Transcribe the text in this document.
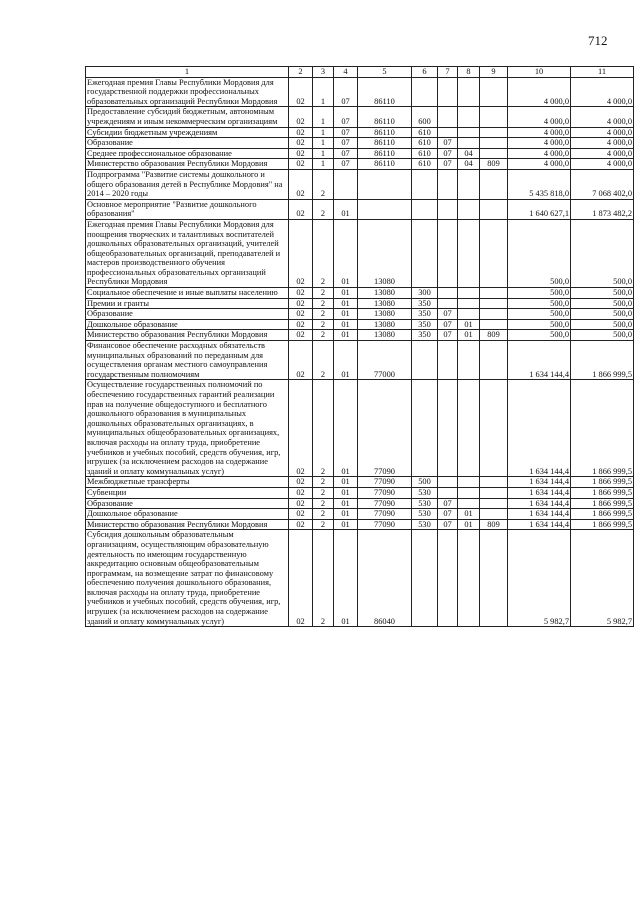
712
1	2	3	4	5	6	7	8	9	10	11
Ежегодная премия Главы Республики Мордовия для государственной поддержки профессиональных образовательных организаций Республики Мордовия	02	1	07	86110					4 000,0	4 000,0
Предоставление субсидий бюджетным, автономным учреждениям и иным некоммерческим организациям	02	1	07	86110	600				4 000,0	4 000,0
Субсидии бюджетным учреждениям	02	1	07	86110	610				4 000,0	4 000,0
Образование	02	1	07	86110	610	07			4 000,0	4 000,0
Среднее профессиональное образование	02	1	07	86110	610	07	04		4 000,0	4 000,0
Министерство образования Республики Мордовия	02	1	07	86110	610	07	04	809	4 000,0	4 000,0
Подпрограмма "Развитие системы дошкольного и общего образования детей в Республике Мордовия" на 2014 – 2020 годы	02	2							5 435 818,0	7 068 402,0
Основное мероприятие "Развитие дошкольного образования"	02	2	01						1 640 627,1	1 873 482,2
Ежегодная премия Главы Республики Мордовия для поощрения творческих и талантливых воспитателей дошкольных образовательных организаций, учителей общеобразовательных организаций, преподавателей и мастеров производственного обучения профессиональных образовательных организаций Республики Мордовия	02	2	01	13080					500,0	500,0
Социальное обеспечение и иные выплаты населению	02	2	01	13080	300				500,0	500,0
Премии и гранты	02	2	01	13080	350				500,0	500,0
Образование	02	2	01	13080	350	07			500,0	500,0
Дошкольное образование	02	2	01	13080	350	07	01		500,0	500,0
Министерство образования Республики Мордовия	02	2	01	13080	350	07	01	809	500,0	500,0
Финансовое обеспечение расходных обязательств муниципальных образований по переданным для осуществления органам местного самоуправления государственным полномочиям	02	2	01	77000					1 634 144,4	1 866 999,5
Осуществление государственных полномочий по обеспечению государственных гарантий реализации прав на получение общедоступного и бесплатного дошкольного образования в муниципальных дошкольных образовательных организациях, в муниципальных общеобразовательных организациях, включая расходы на оплату труда, приобретение учебников и учебных пособий, средств обучения, игр, игрушек (за исключением расходов на содержание зданий и оплату коммунальных услуг)	02	2	01	77090					1 634 144,4	1 866 999,5
Межбюджетные трансферты	02	2	01	77090	500				1 634 144,4	1 866 999,5
Субвенции	02	2	01	77090	530				1 634 144,4	1 866 999,5
Образование	02	2	01	77090	530	07			1 634 144,4	1 866 999,5
Дошкольное образование	02	2	01	77090	530	07	01		1 634 144,4	1 866 999,5
Министерство образования Республики Мордовия	02	2	01	77090	530	07	01	809	1 634 144,4	1 866 999,5
Субсидия дошкольным образовательным организациям, осуществляющим образовательную деятельность по имеющим государственную аккредитацию основным общеобразовательным программам, на возмещение затрат по финансовому обеспечению получения дошкольного образования, включая расходы на оплату труда, приобретение учебников и учебных пособий, средств обучения, игр, игрушек (за исключением расходов на содержание зданий и оплату коммунальных услуг)	02	2	01	86040					5 982,7	5 982,7
